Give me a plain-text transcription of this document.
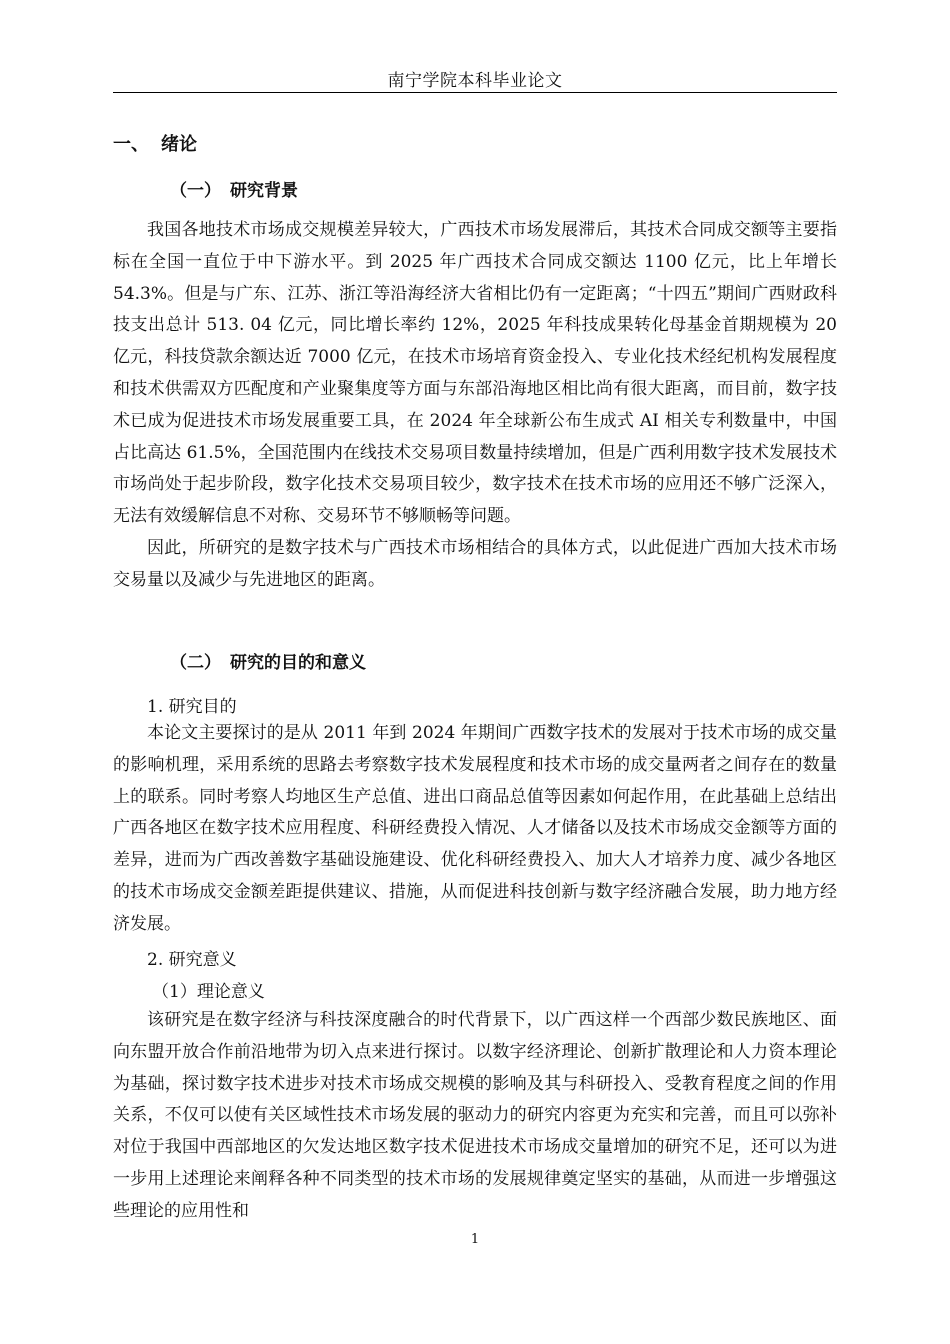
南宁学院本科毕业论文
一、 绪论
（一） 研究背景

我国各地技术市场成交规模差异较大，广西技术市场发展滞后，其技术合同成交额等主要指标在全国一直位于中下游水平。到 2025 年广西技术合同成交额达 1100 亿元，比上年增长 54.3%。但是与广东、江苏、浙江等沿海经济大省相比仍有一定距离；“十四五”期间广西财政科技支出总计 513. 04 亿元，同比增长率约 12%，2025 年科技成果转化母基金首期规模为 20 亿元，科技贷款余额达近 7000 亿元，在技术市场培育资金投入、专业化技术经纪机构发展程度和技术供需双方匹配度和产业聚集度等方面与东部沿海地区相比尚有很大距离，而目前，数字技术已成为促进技术市场发展重要工具，在 2024 年全球新公布生成式 AI 相关专利数量中，中国占比高达 61.5%，全国范围内在线技术交易项目数量持续增加，但是广西利用数字技术发展技术市场尚处于起步阶段，数字化技术交易项目较少，数字技术在技术市场的应用还不够广泛深入，无法有效缓解信息不对称、交易环节不够顺畅等问题。

因此，所研究的是数字技术与广西技术市场相结合的具体方式，以此促进广西加大技术市场交易量以及减少与先进地区的距离。

（二） 研究的目的和意义
1. 研究目的

本论文主要探讨的是从 2011 年到 2024 年期间广西数字技术的发展对于技术市场的成交量的影响机理，采用系统的思路去考察数字技术发展程度和技术市场的成交量两者之间存在的数量上的联系。同时考察人均地区生产总值、进出口商品总值等因素如何起作用，在此基础上总结出广西各地区在数字技术应用程度、科研经费投入情况、人才储备以及技术市场成交金额等方面的差异，进而为广西改善数字基础设施建设、优化科研经费投入、加大人才培养力度、减少各地区的技术市场成交金额差距提供建议、措施，从而促进科技创新与数字经济融合发展，助力地方经济发展。

2. 研究意义
（1）理论意义

该研究是在数字经济与科技深度融合的时代背景下，以广西这样一个西部少数民族地区、面向东盟开放合作前沿地带为切入点来进行探讨。以数字经济理论、创新扩散理论和人力资本理论为基础，探讨数字技术进步对技术市场成交规模的影响及其与科研投入、受教育程度之间的作用关系，不仅可以使有关区域性技术市场发展的驱动力的研究内容更为充实和完善，而且可以弥补对位于我国中西部地区的欠发达地区数字技术促进技术市场成交量增加的研究不足，还可以为进一步用上述理论来阐释各种不同类型的技术市场的发展规律奠定坚实的基础，从而进一步增强这些理论的应用性和

1
